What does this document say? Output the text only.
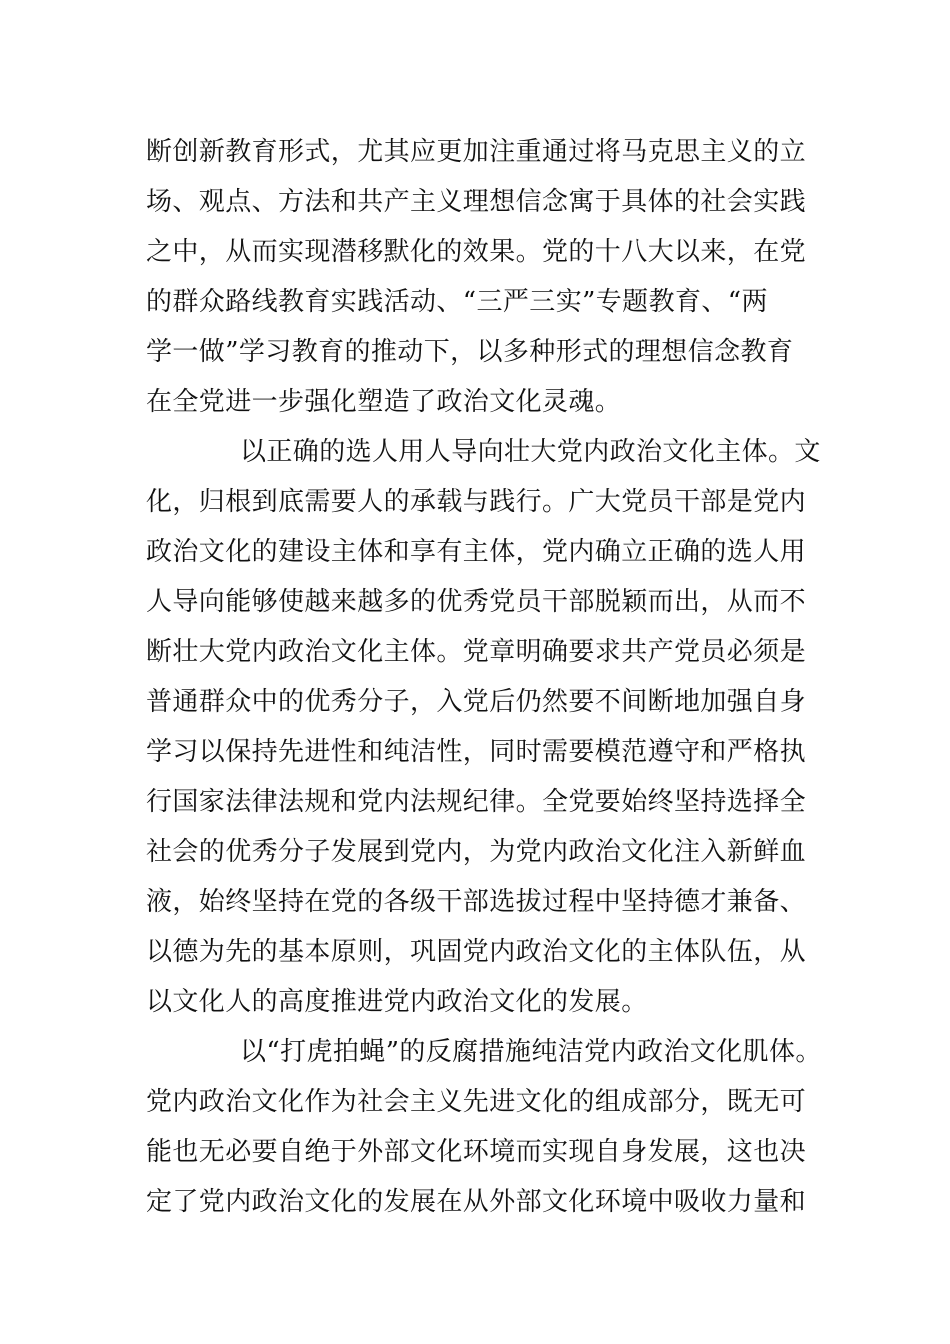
断创新教育形式，尤其应更加注重通过将马克思主义的立
场、观点、方法和共产主义理想信念寓于具体的社会实践
之中，从而实现潜移默化的效果。党的十八大以来，在党
的群众路线教育实践活动、“三严三实”专题教育、“两
学一做”学习教育的推动下，以多种形式的理想信念教育
在全党进一步强化塑造了政治文化灵魂。
以正确的选人用人导向壮大党内政治文化主体。文
化，归根到底需要人的承载与践行。广大党员干部是党内
政治文化的建设主体和享有主体，党内确立正确的选人用
人导向能够使越来越多的优秀党员干部脱颖而出，从而不
断壮大党内政治文化主体。党章明确要求共产党员必须是
普通群众中的优秀分子，入党后仍然要不间断地加强自身
学习以保持先进性和纯洁性，同时需要模范遵守和严格执
行国家法律法规和党内法规纪律。全党要始终坚持选择全
社会的优秀分子发展到党内，为党内政治文化注入新鲜血
液，始终坚持在党的各级干部选拔过程中坚持德才兼备、
以德为先的基本原则，巩固党内政治文化的主体队伍，从
以文化人的高度推进党内政治文化的发展。
以“打虎拍蝇”的反腐措施纯洁党内政治文化肌体。
党内政治文化作为社会主义先进文化的组成部分，既无可
能也无必要自绝于外部文化环境而实现自身发展，这也决
定了党内政治文化的发展在从外部文化环境中吸收力量和
